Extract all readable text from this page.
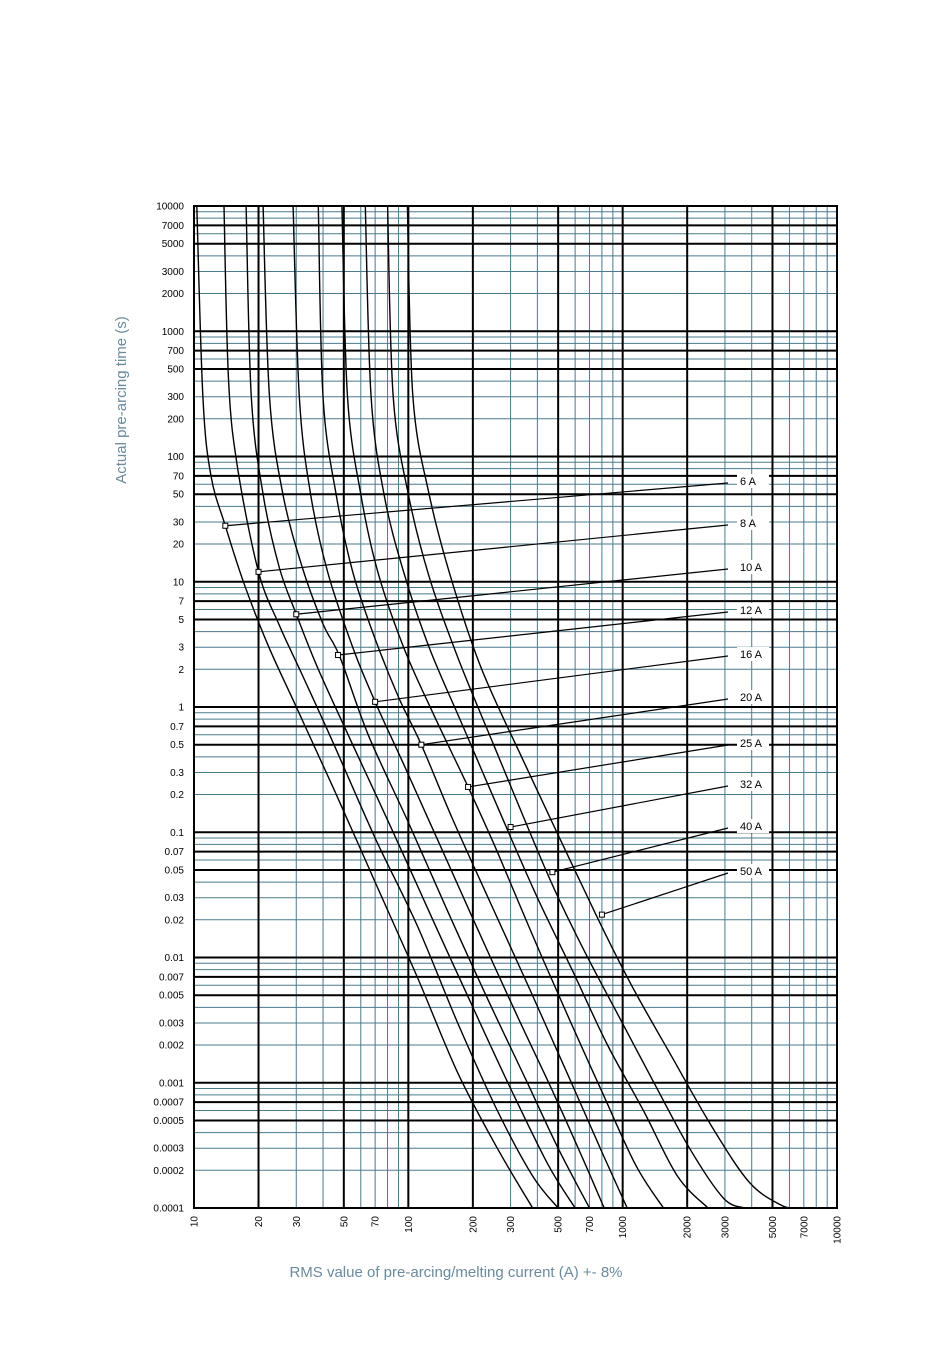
6 A
8 A
10 A
12 A
16 A
20 A
25 A
32 A
40 A
50 A
10000
7000
5000
3000
2000
1000
700
500
300
200
100
70
50
30
20
10
7
5
3
2
1
0.7
0.5
0.3
0.2
0.1
0.07
0.05
0.03
0.02
0.01
0.007
0.005
0.003
0.002
0.001
0.0007
0.0005
0.0003
0.0002
0.0001
10	20	30	50 70 100	200	300	500 700 1000	2000	3000	5000 7000 10000
Actual pre-arcing time (s)
RMS value of pre-arcing/melting current (A) +- 8%
